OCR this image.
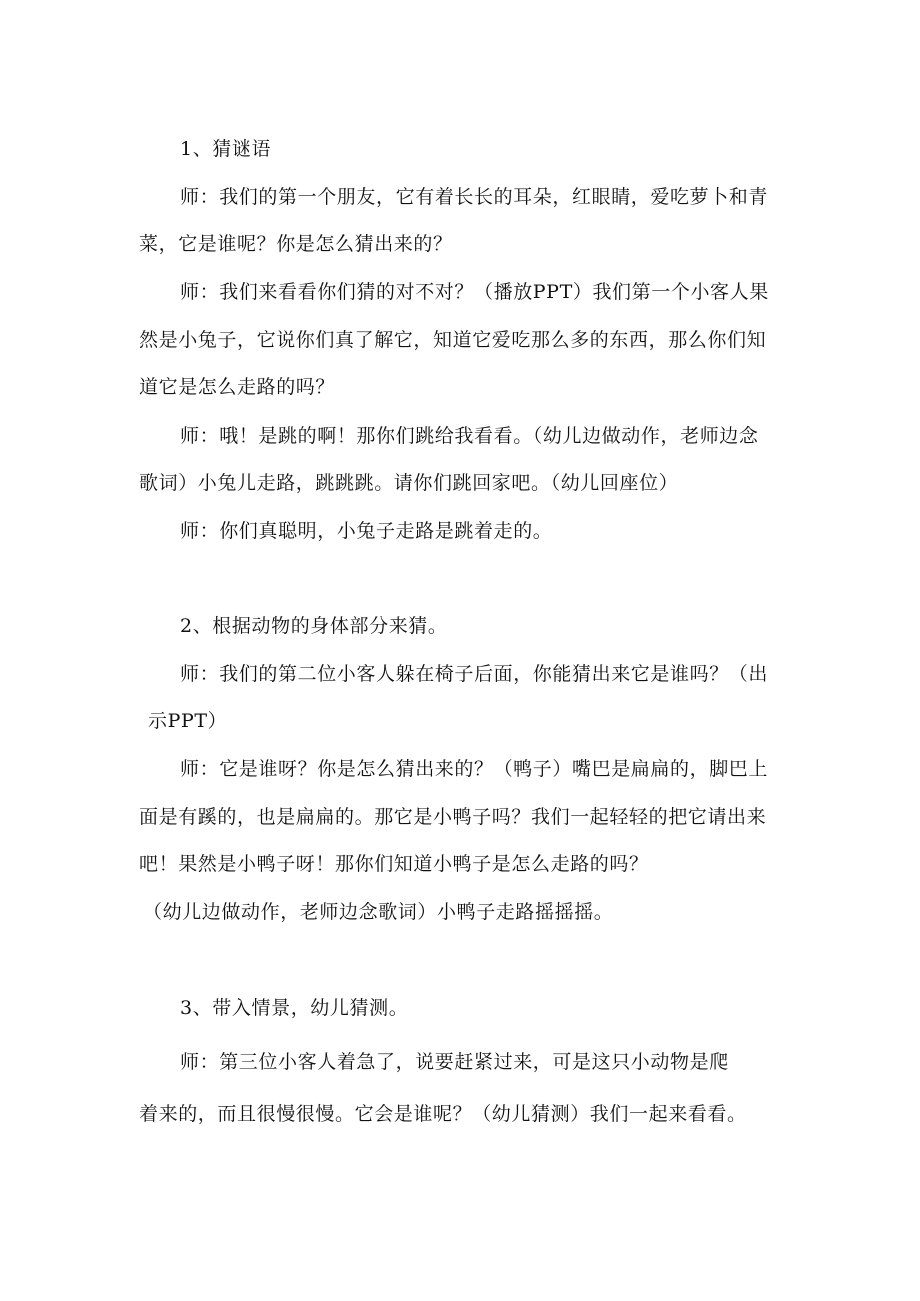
1、猜谜语
师：我们的第一个朋友，它有着长长的耳朵，红眼睛，爱吃萝卜和青
菜，它是谁呢？你是怎么猜出来的？
师：我们来看看你们猜的对不对？（播放PPT）我们第一个小客人果
然是小兔子，它说你们真了解它，知道它爱吃那么多的东西，那么你们知
道它是怎么走路的吗？
师：哦！是跳的啊！那你们跳给我看看。（幼儿边做动作，老师边念
歌词）小兔儿走路，跳跳跳。请你们跳回家吧。（幼儿回座位）
师：你们真聪明，小兔子走路是跳着走的。
2、根据动物的身体部分来猜。
师：我们的第二位小客人躲在椅子后面，你能猜出来它是谁吗？（出
示PPT）
师：它是谁呀？你是怎么猜出来的？（鸭子）嘴巴是扁扁的，脚巴上
面是有蹊的，也是扁扁的。那它是小鸭子吗？我们一起轻轻的把它请出来
吧！果然是小鸭子呀！那你们知道小鸭子是怎么走路的吗？
（幼儿边做动作，老师边念歌词）小鸭子走路摇摇摇。
3、带入情景，幼儿猜测。
师：第三位小客人着急了，说要赶紧过来，可是这只小动物是爬
着来的，而且很慢很慢。它会是谁呢？（幼儿猜测）我们一起来看看。
